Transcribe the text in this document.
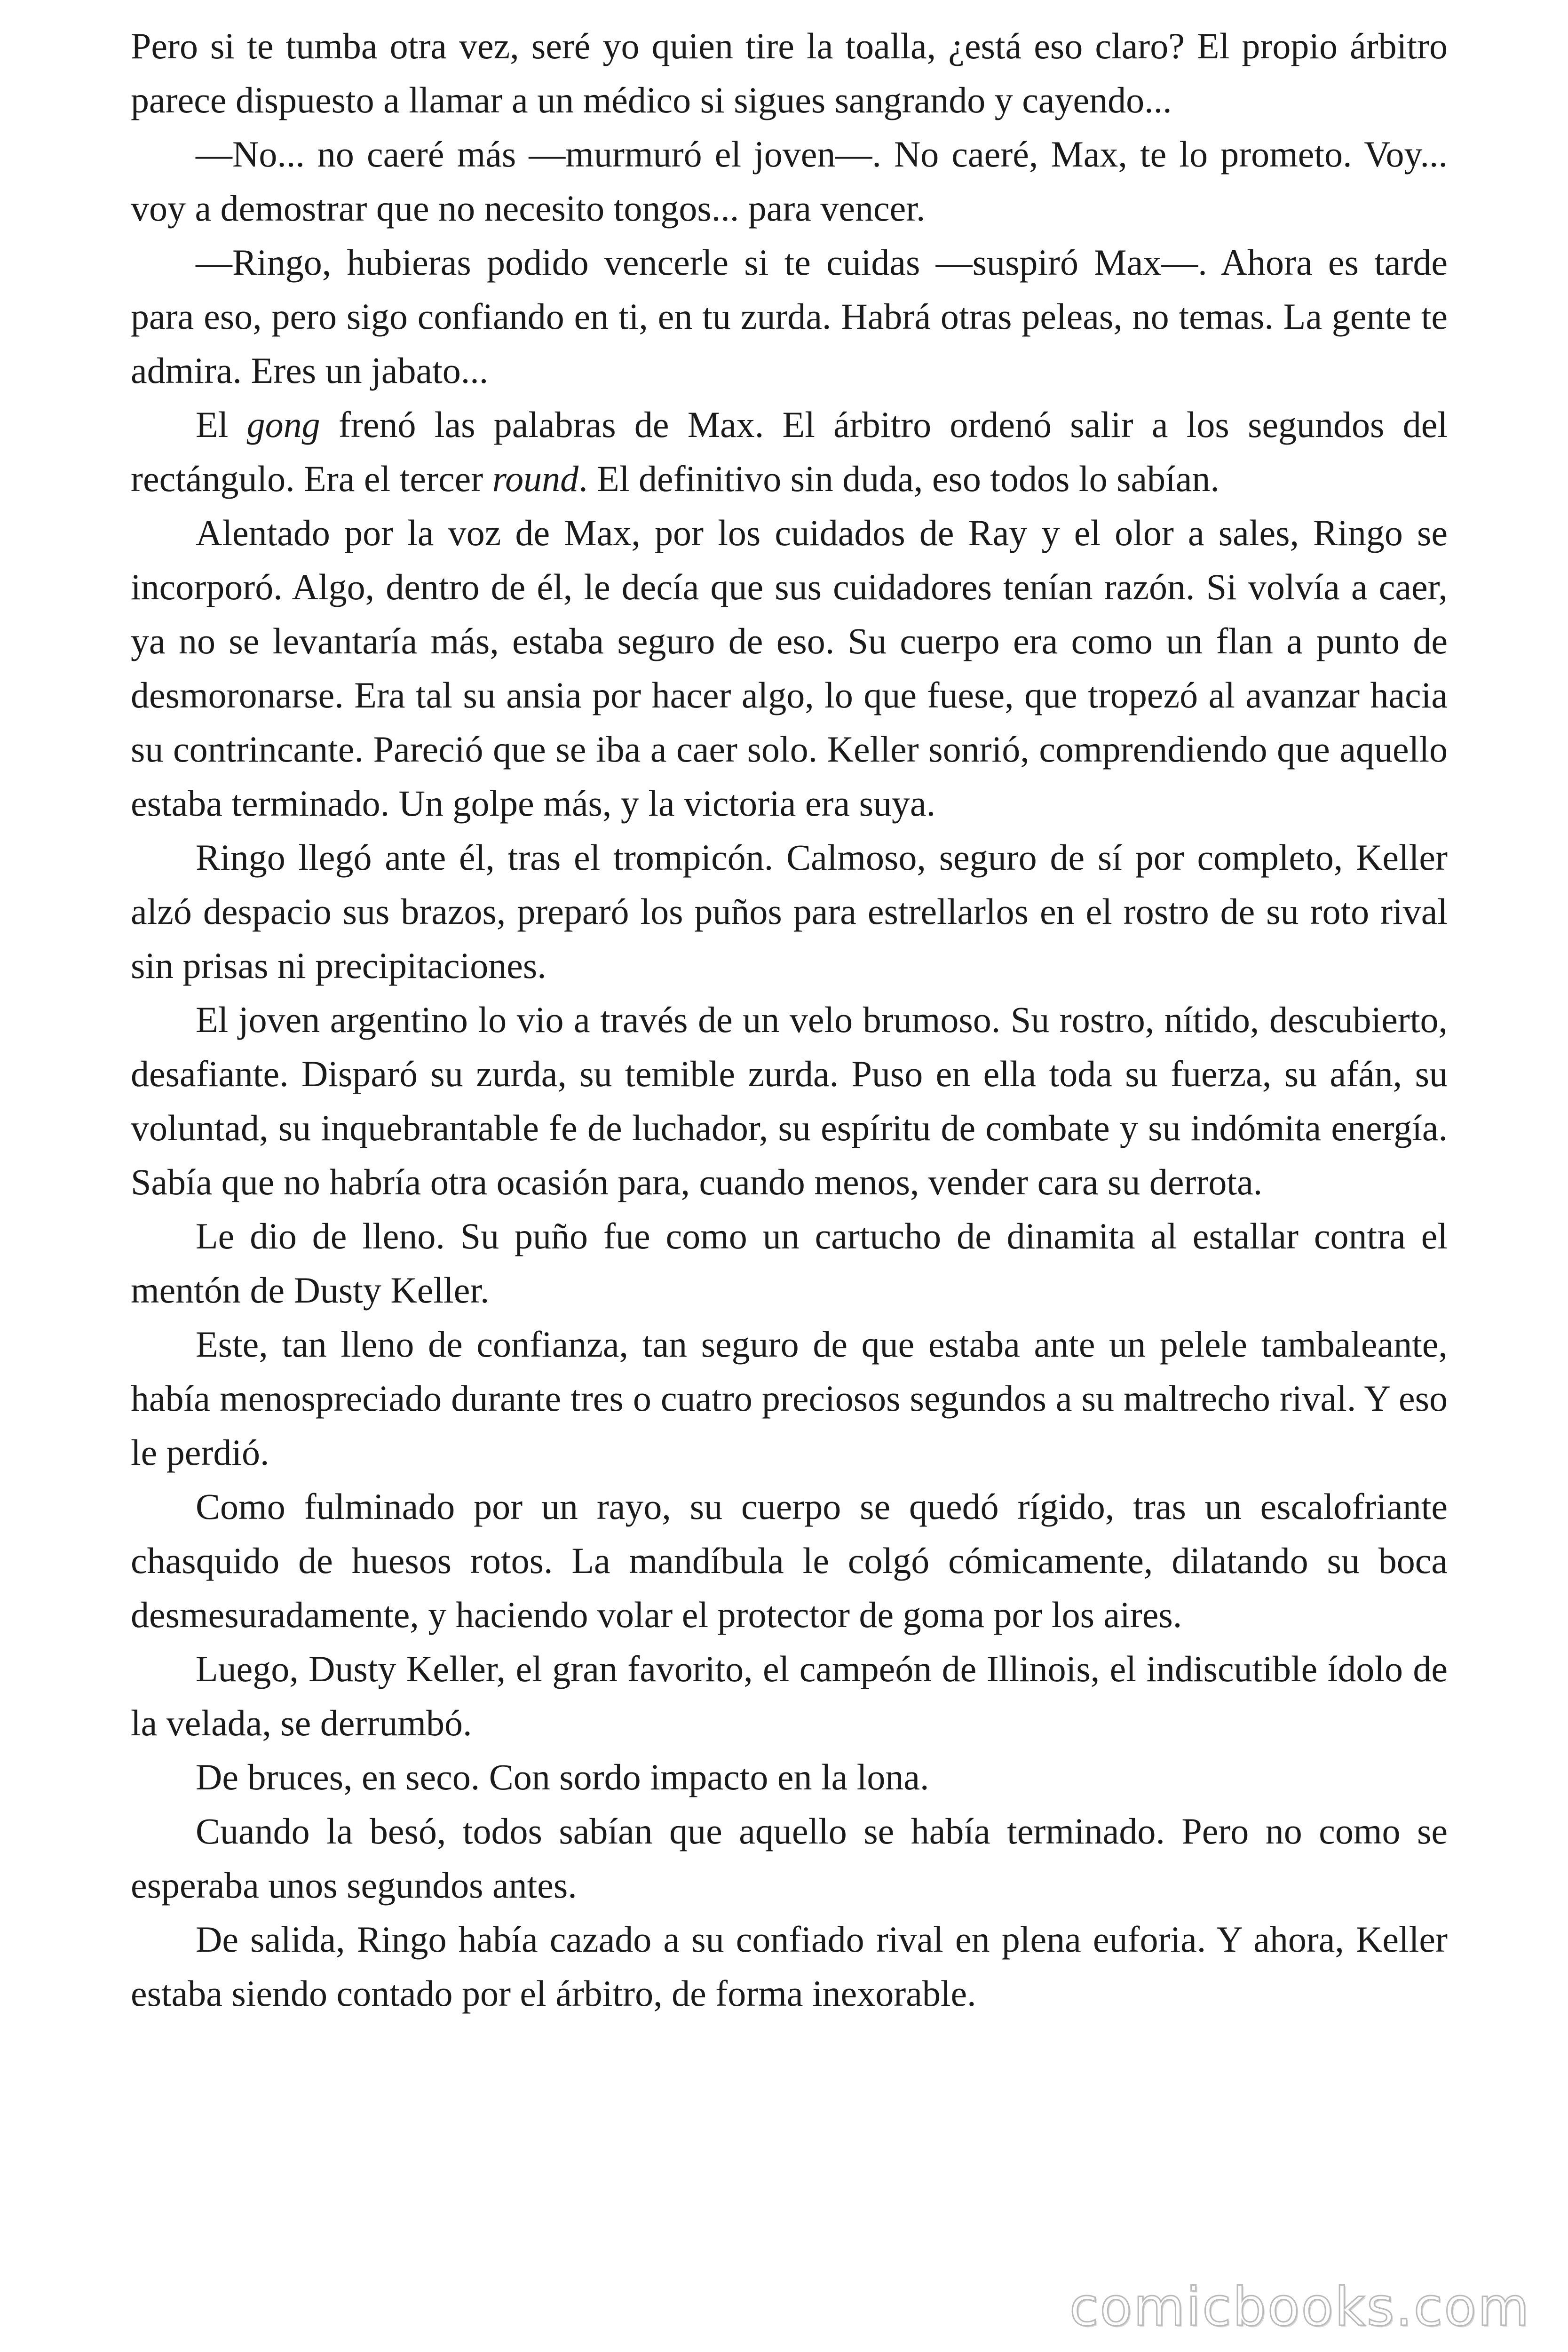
Pero si te tumba otra vez, seré yo quien tire la toalla, ¿está eso claro? El propio árbitro parece dispuesto a llamar a un médico si sigues sangrando y cayendo...

—No... no caeré más —murmuró el joven—. No caeré, Max, te lo prometo. Voy... voy a demostrar que no necesito tongos... para vencer.

—Ringo, hubieras podido vencerle si te cuidas —suspiró Max—. Ahora es tarde para eso, pero sigo confiando en ti, en tu zurda. Habrá otras peleas, no temas. La gente te admira. Eres un jabato...

El gong frenó las palabras de Max. El árbitro ordenó salir a los segundos del rectángulo. Era el tercer round. El definitivo sin duda, eso todos lo sabían.

Alentado por la voz de Max, por los cuidados de Ray y el olor a sales, Ringo se incorporó. Algo, dentro de él, le decía que sus cuidadores tenían razón. Si volvía a caer, ya no se levantaría más, estaba seguro de eso. Su cuerpo era como un flan a punto de desmoronarse. Era tal su ansia por hacer algo, lo que fuese, que tropezó al avanzar hacia su contrincante. Pareció que se iba a caer solo. Keller sonrió, comprendiendo que aquello estaba terminado. Un golpe más, y la victoria era suya.

Ringo llegó ante él, tras el trompicón. Calmoso, seguro de sí por completo, Keller alzó despacio sus brazos, preparó los puños para estrellarlos en el rostro de su roto rival sin prisas ni precipitaciones.

El joven argentino lo vio a través de un velo brumoso. Su rostro, nítido, descubierto, desafiante. Disparó su zurda, su temible zurda. Puso en ella toda su fuerza, su afán, su voluntad, su inquebrantable fe de luchador, su espíritu de combate y su indómita energía. Sabía que no habría otra ocasión para, cuando menos, vender cara su derrota.

Le dio de lleno. Su puño fue como un cartucho de dinamita al estallar contra el mentón de Dusty Keller.

Este, tan lleno de confianza, tan seguro de que estaba ante un pelele tambaleante, había menospreciado durante tres o cuatro preciosos segundos a su maltrecho rival. Y eso le perdió.

Como fulminado por un rayo, su cuerpo se quedó rígido, tras un escalofriante chasquido de huesos rotos. La mandíbula le colgó cómicamente, dilatando su boca desmesuradamente, y haciendo volar el protector de goma por los aires.

Luego, Dusty Keller, el gran favorito, el campeón de Illinois, el indiscutible ídolo de la velada, se derrumbó.

De bruces, en seco. Con sordo impacto en la lona.

Cuando la besó, todos sabían que aquello se había terminado. Pero no como se esperaba unos segundos antes.

De salida, Ringo había cazado a su confiado rival en plena euforia. Y ahora, Keller estaba siendo contado por el árbitro, de forma inexorable.

comicbooks.com
